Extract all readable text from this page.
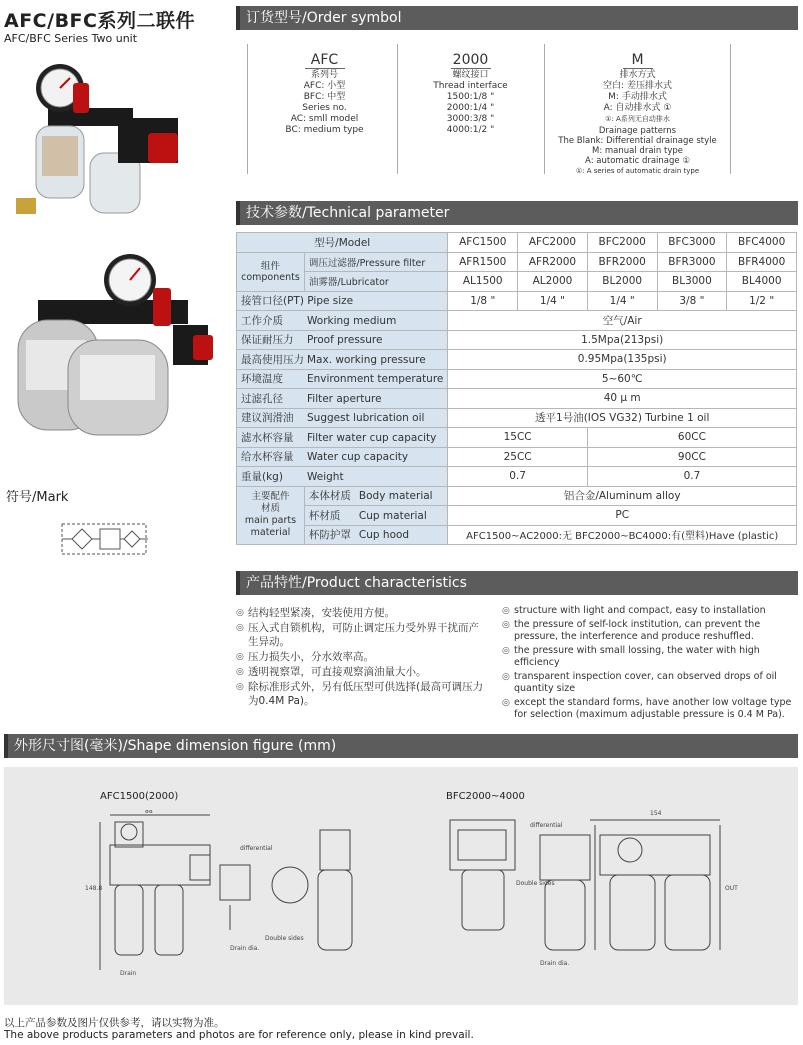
AFC/BFC系列二联件
AFC/BFC Series Two unit
符号/Mark
订货型号/Order symbol
AFC
系列号
AFC: 小型
BFC: 中型
Series no.
AC: smll model
BC: medium type
2000
螺纹接口
Thread interface
1500:1/8 "
2000:1/4 "
3000:3/8 "
4000:1/2 "
M
排水方式
空白: 差压排水式
M: 手动排水式
A: 自动排水式 ①
①: A系列无自动排水
Drainage patterns
The Blank: Differential drainage style
M: manual drain type
A: automatic drainage ①
①: A series of automatic drain type
技术参数/Technical parameter
型号/Model		AFC1500	AFC2000	BFC2000	BFC3000	BFC4000

组件
components	调压过滤器/Pressure filter	AFR1500	AFR2000	BFR2000	BFR3000	BFR4000
	油雾器/Lubricator	AL1500	AL2000	BL2000	BL3000	BL4000
接管口径(PT) Pipe size		1/8 "	1/4 "	1/4 "	3/8 "	1/2 "
工作介质 Working medium		空气/Air				
保证耐压力 Proof pressure		1.5Mpa(213psi)				
最高使用压力 Max. working pressure		0.95Mpa(135psi)				
环境温度 Environment temperature		5~60℃				
过滤孔径 Filter aperture		40 μ m				
建议润滑油 Suggest lubrication oil		透平1号油(IOS VG32) Turbine 1 oil				
滤水杯容量 Filter water cup capacity		15CC		60CC		
给水杯容量 Water cup capacity		25CC		90CC		
重量(kg) Weight		0.7		0.7		

主要配件
材质
main parts
material	本体材质 Body material	铝合金/Aluminum alloy				
	杯材质 Cup material	PC				
	杯防护罩 Cup hood	AFC1500~AC2000:无 BFC2000~BC4000:有(塑料)Have (plastic)				
产品特性/Product characteristics
◎ 结构轻型紧凑，安装使用方便。
◎ 压入式自锁机构，可防止调定压力受外界干扰而产生异动。
◎ 压力损失小，分水效率高。
◎ 透明视察罩，可直接观察滴油量大小。
◎ 除标准形式外，另有低压型可供选择(最高可调压力为0.4M Pa)。
◎ structure with light and compact, easy to installation
◎ the pressure of self-lock institution, can prevent the pressure, the interference and produce reshuffled.
◎ the pressure with small lossing, the water with high efficiency
◎ transparent inspection cover, can observed drops of oil quantity size
◎ except the standard forms, have another low voltage type for selection (maximum adjustable pressure is 0.4 M Pa).
外形尺寸图(毫米)/Shape dimension figure (mm)
AFC1500(2000)	BFC2000~4000
88
148.8
differential
Drain dia.
Drain
Double sides
154
differential
OUT
Drain dia.
Double sides
以上产品参数及图片仅供参考，请以实物为准。
The above products parameters and photos are for reference only, please in kind prevail.
